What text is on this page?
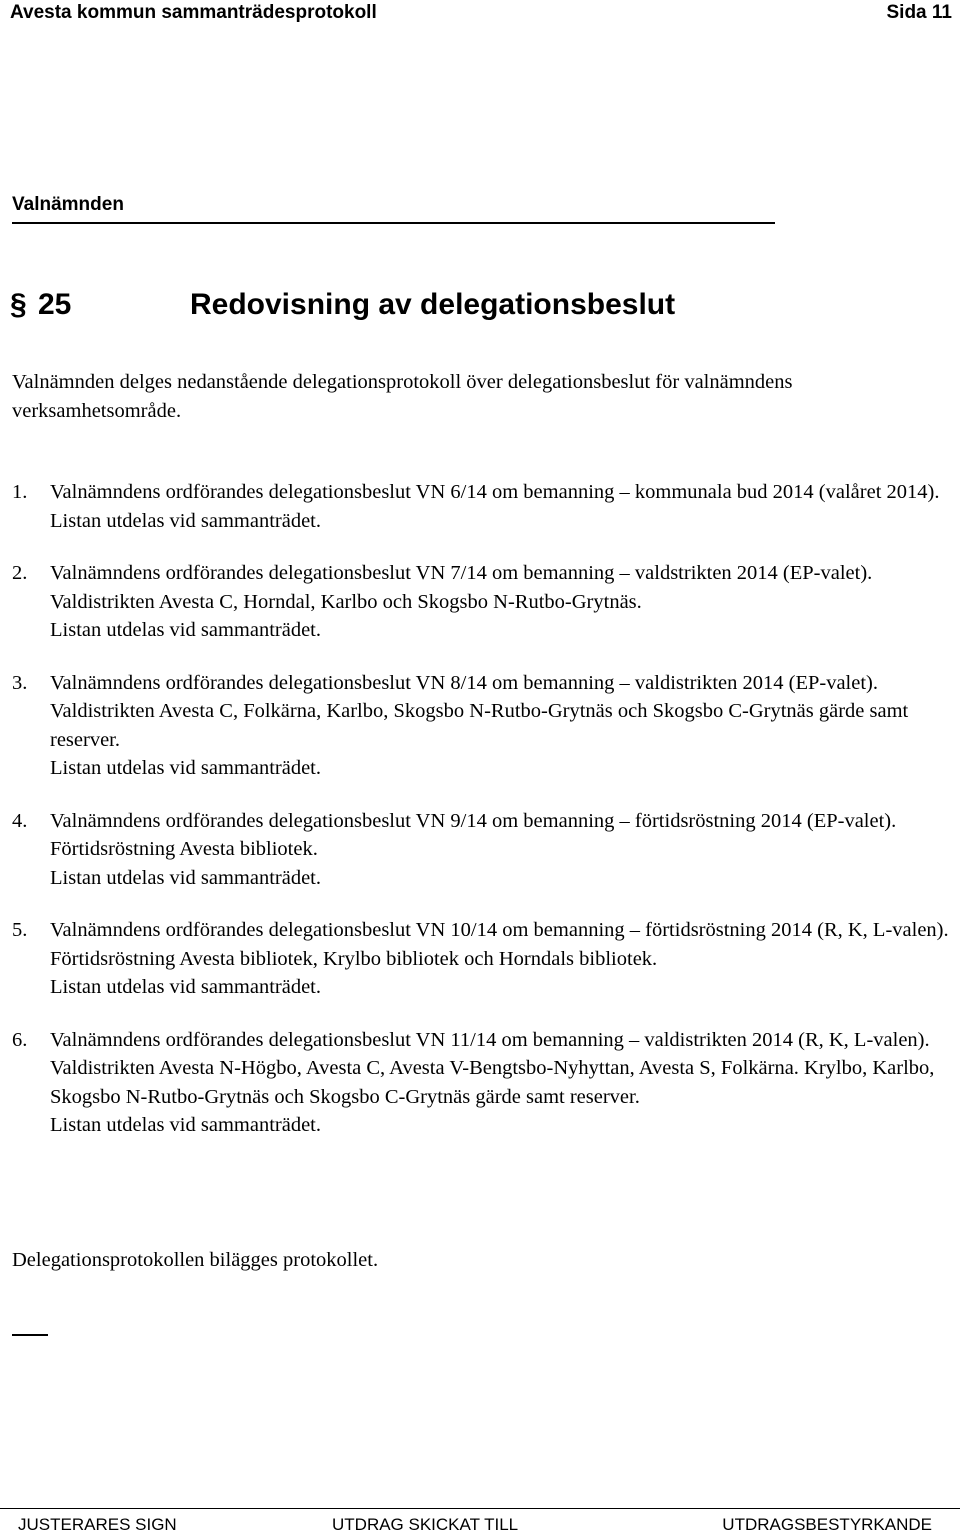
Avesta kommun sammanträdesprotokoll	Sida 11
Valnämnden
§ 25	Redovisning av delegationsbeslut
Valnämnden delges nedanstående delegationsprotokoll över delegationsbeslut för valnämndens verksamhetsområde.
1. Valnämndens ordförandes delegationsbeslut VN 6/14 om bemanning – kommunala bud 2014 (valåret 2014).
Listan utdelas vid sammanträdet.
2. Valnämndens ordförandes delegationsbeslut VN 7/14 om bemanning – valdstrikten 2014 (EP-valet). Valdistrikten Avesta C, Horndal, Karlbo och Skogsbo N-Rutbo-Grytnäs.
Listan utdelas vid sammanträdet.
3. Valnämndens ordförandes delegationsbeslut VN 8/14 om bemanning – valdistrikten 2014 (EP-valet). Valdistrikten Avesta C, Folkärna, Karlbo, Skogsbo N-Rutbo-Grytnäs och Skogsbo C-Grytnäs gärde samt reserver.
Listan utdelas vid sammanträdet.
4. Valnämndens ordförandes delegationsbeslut VN 9/14 om bemanning – förtidsröstning 2014 (EP-valet). Förtidsröstning Avesta bibliotek.
Listan utdelas vid sammanträdet.
5. Valnämndens ordförandes delegationsbeslut VN 10/14 om bemanning – förtidsröstning 2014 (R, K, L-valen). Förtidsröstning Avesta bibliotek, Krylbo bibliotek och Horndals bibliotek.
Listan utdelas vid sammanträdet.
6. Valnämndens ordförandes delegationsbeslut VN 11/14 om bemanning – valdistrikten 2014 (R, K, L-valen). Valdistrikten Avesta N-Högbo, Avesta C, Avesta V-Bengtsbo-Nyhyttan, Avesta S, Folkärna. Krylbo, Karlbo, Skogsbo N-Rutbo-Grytnäs och Skogsbo C-Grytnäs gärde samt reserver.
Listan utdelas vid sammanträdet.
Delegationsprotokollen bilägges protokollet.
JUSTERARES SIGN	UTDRAG SKICKAT TILL	UTDRAGSBESTYRKANDE
